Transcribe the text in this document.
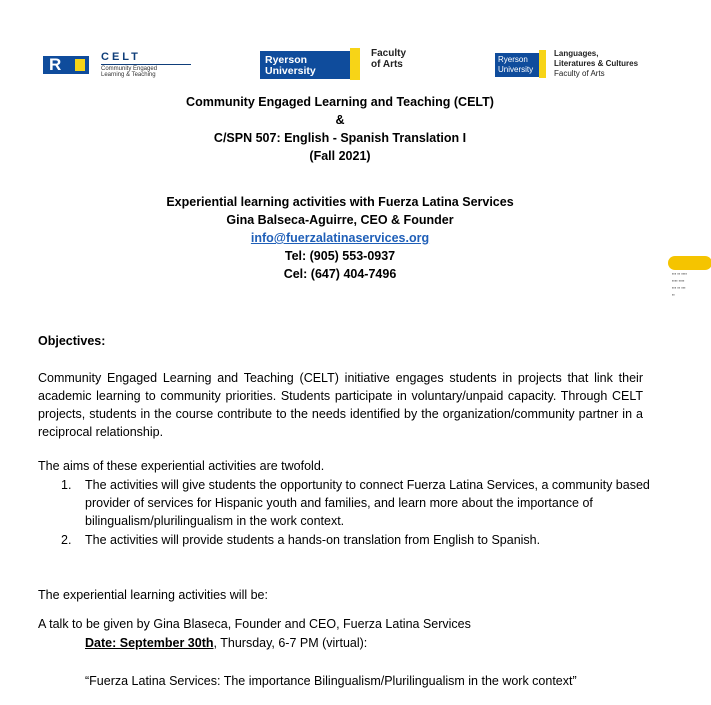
R	CELT
Community Engaged
Learning & Teaching
Ryerson
University
Faculty
of Arts	Ryerson
University
Languages,
Literatures & Cultures
Faculty of Arts
Community Engaged Learning and Teaching (CELT)
&
C/SPN 507: English - Spanish Translation I
(Fall 2021)
Experiential learning activities with Fuerza Latina Services
Gina Balseca-Aguirre, CEO & Founder
info@fuerzalatinaservices.org
Tel: (905) 553-0937
Cel: (647) 404-7496	▪▪▪ ▪▪ ▪▪▪▪
▪▪▪▪ ▪▪▪▪
▪▪▪ ▪▪ ▪▪▪
▪▪
Objectives:
Community Engaged Learning and Teaching (CELT) initiative engages students in projects that link their academic learning to community priorities. Students participate in voluntary/unpaid capacity. Through CELT projects, students in the course contribute to the needs identified by the organization/community partner in a reciprocal relationship.
The aims of these experiential activities are twofold.
1.	The activities will give students the opportunity to connect Fuerza Latina Services, a community based provider of services for Hispanic youth and families, and learn more about the importance of bilingualism/plurilingualism in the work context.
2.	The activities will provide students a hands-on translation from English to Spanish.
The experiential learning activities will be:
A talk to be given by Gina Blaseca, Founder and CEO, Fuerza Latina Services
Date: September 30th, Thursday, 6-7 PM (virtual):
“Fuerza Latina Services: The importance Bilingualism/Plurilingualism in the work context”
